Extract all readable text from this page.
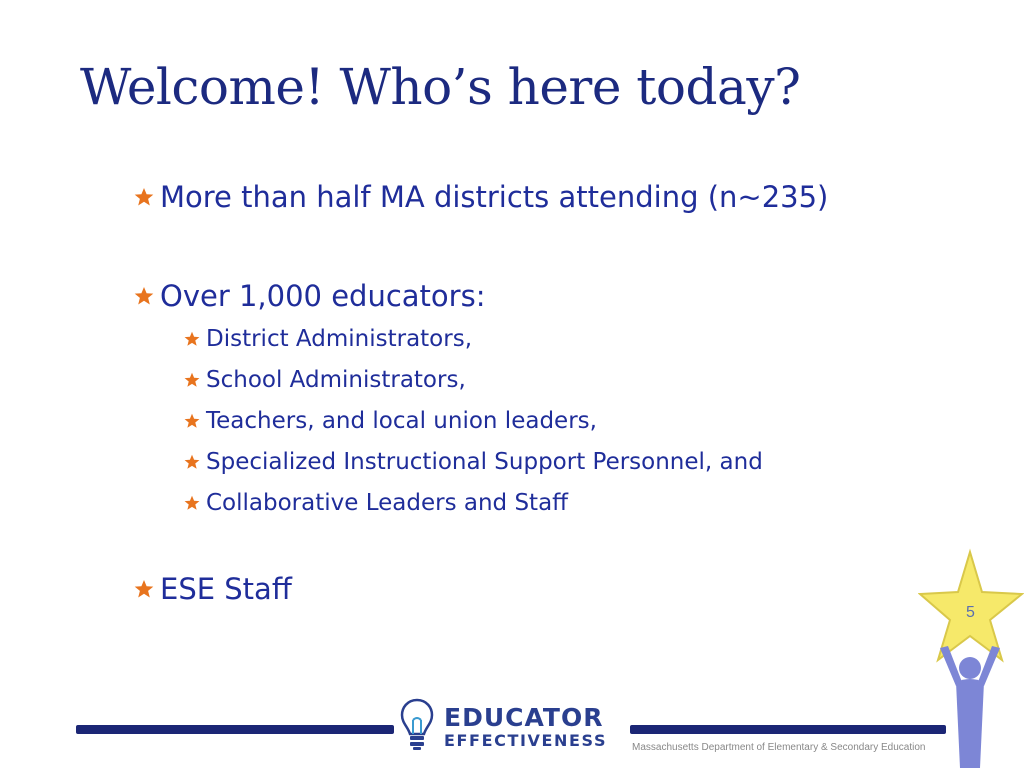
Welcome! Who’s here today?
More than half MA districts attending (n~235)
Over 1,000 educators:
District Administrators,
School Administrators,
Teachers, and local union leaders,
Specialized Instructional Support Personnel, and
Collaborative Leaders and Staff
ESE Staff
5
EDUCATOR
EFFECTIVENESS Massachusetts Department of Elementary & Secondary Education
